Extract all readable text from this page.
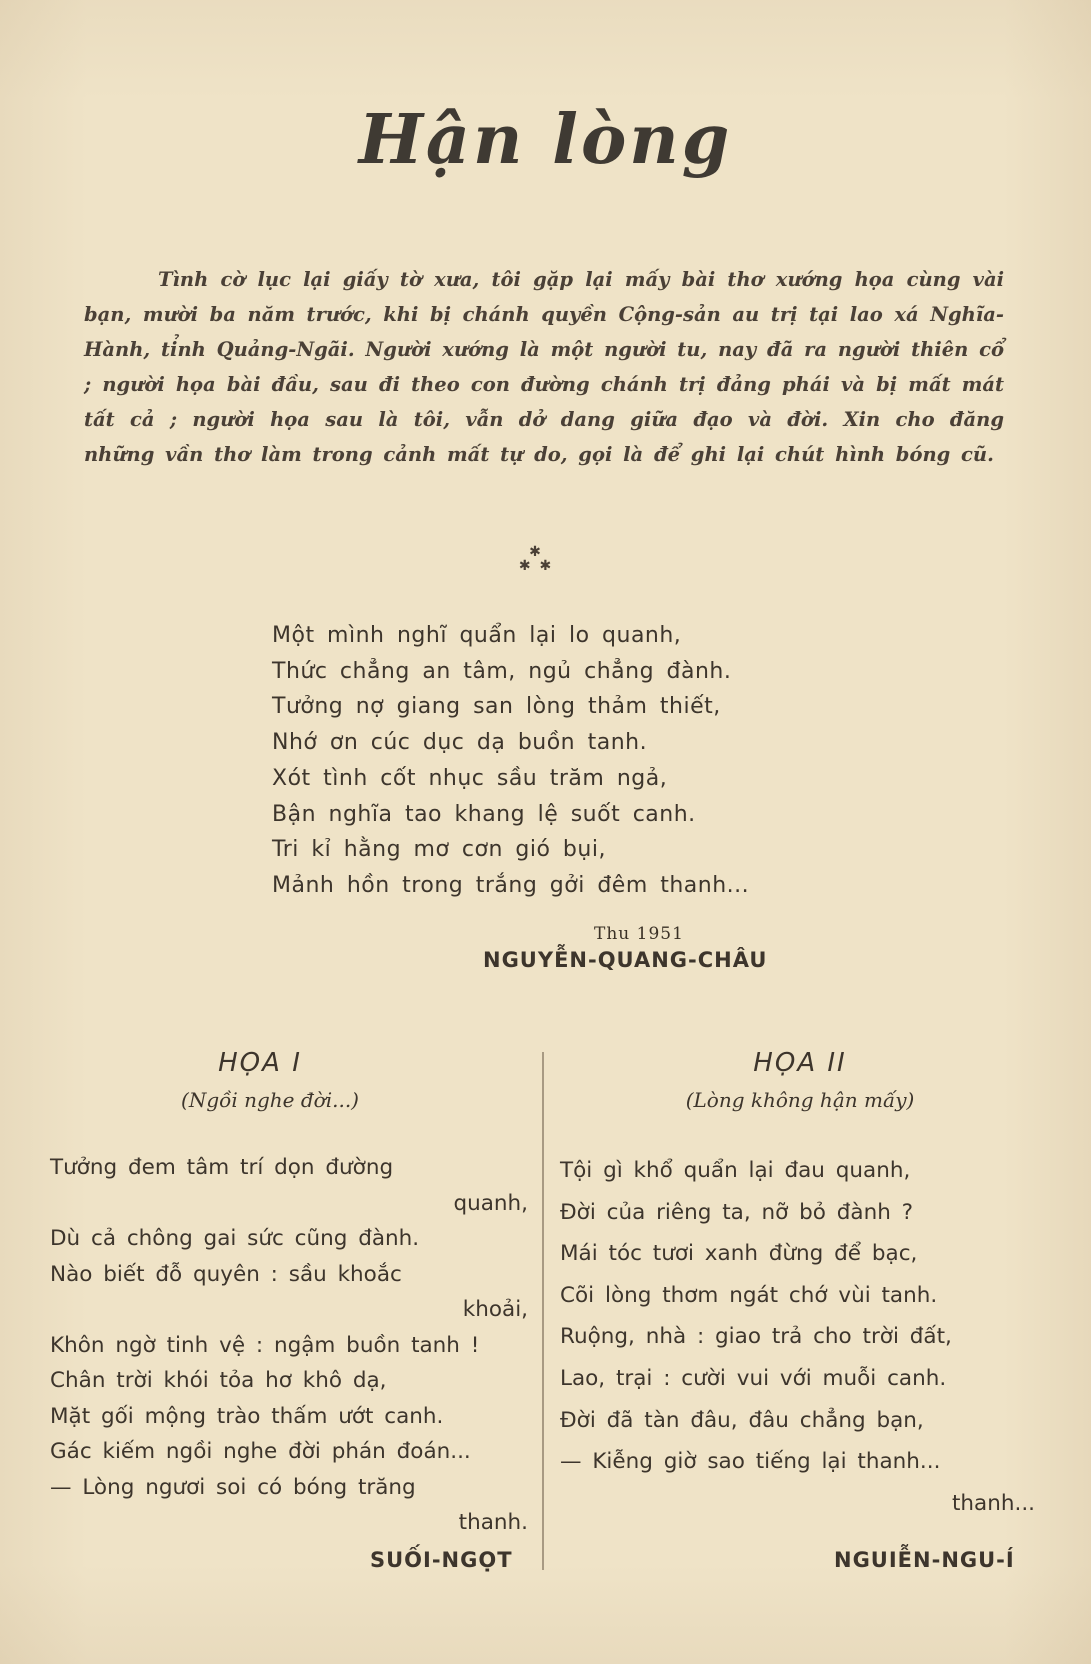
Hận lòng
Tình cờ lục lại giấy tờ xưa, tôi gặp lại mấy bài thơ xướng họa cùng vài bạn, mười ba năm trước, khi bị chánh quyền Cộng-sản au trị tại lao xá Nghĩa-Hành, tỉnh Quảng-Ngãi. Người xướng là một người tu, nay đã ra người thiên cổ ; người họa bài đầu, sau đi theo con đường chánh trị đảng phái và bị mất mát tất cả ; người họa sau là tôi, vẫn dở dang giữa đạo và đời. Xin cho đăng những vần thơ làm trong cảnh mất tự do, gọi là để ghi lại chút hình bóng cũ.
✱
✱  ✱
Một mình nghĩ quẩn lại lo quanh,
Thức chẳng an tâm, ngủ chẳng đành.
Tưởng nợ giang san lòng thảm thiết,
Nhớ ơn cúc dục dạ buồn tanh.
Xót tình cốt nhục sầu trăm ngả,
Bận nghĩa tao khang lệ suốt canh.
Tri kỉ hằng mơ cơn gió bụi,
Mảnh hồn trong trắng gởi đêm thanh...
Thu 1951
NGUYỄN-QUANG-CHÂU
HỌA I
(Ngồi nghe đời...)
Tưởng đem tâm trí dọn đường
quanh,
Dù cả chông gai sức cũng đành.
Nào biết đỗ quyên : sầu khoắc
khoải,
Khôn ngờ tinh vệ : ngậm buồn tanh !
Chân trời khói tỏa hơ khô dạ,
Mặt gối mộng trào thấm ướt canh.
Gác kiếm ngồi nghe đời phán đoán...
— Lòng ngươi soi có bóng trăng
thanh.
SUỐI-NGỌT
HỌA II
(Lòng không hận mấy)
Tội gì khổ quẩn lại đau quanh,
Đời của riêng ta, nỡ bỏ đành ?
Mái tóc tươi xanh đừng để bạc,
Cõi lòng thơm ngát chớ vùi tanh.
Ruộng, nhà : giao trả cho trời đất,
Lao, trại : cười vui với muỗi canh.
Đời đã tàn đâu, đâu chẳng bạn,
— Kiễng giờ sao tiếng lại thanh...
thanh...
NGUIỄN-NGU-Í
